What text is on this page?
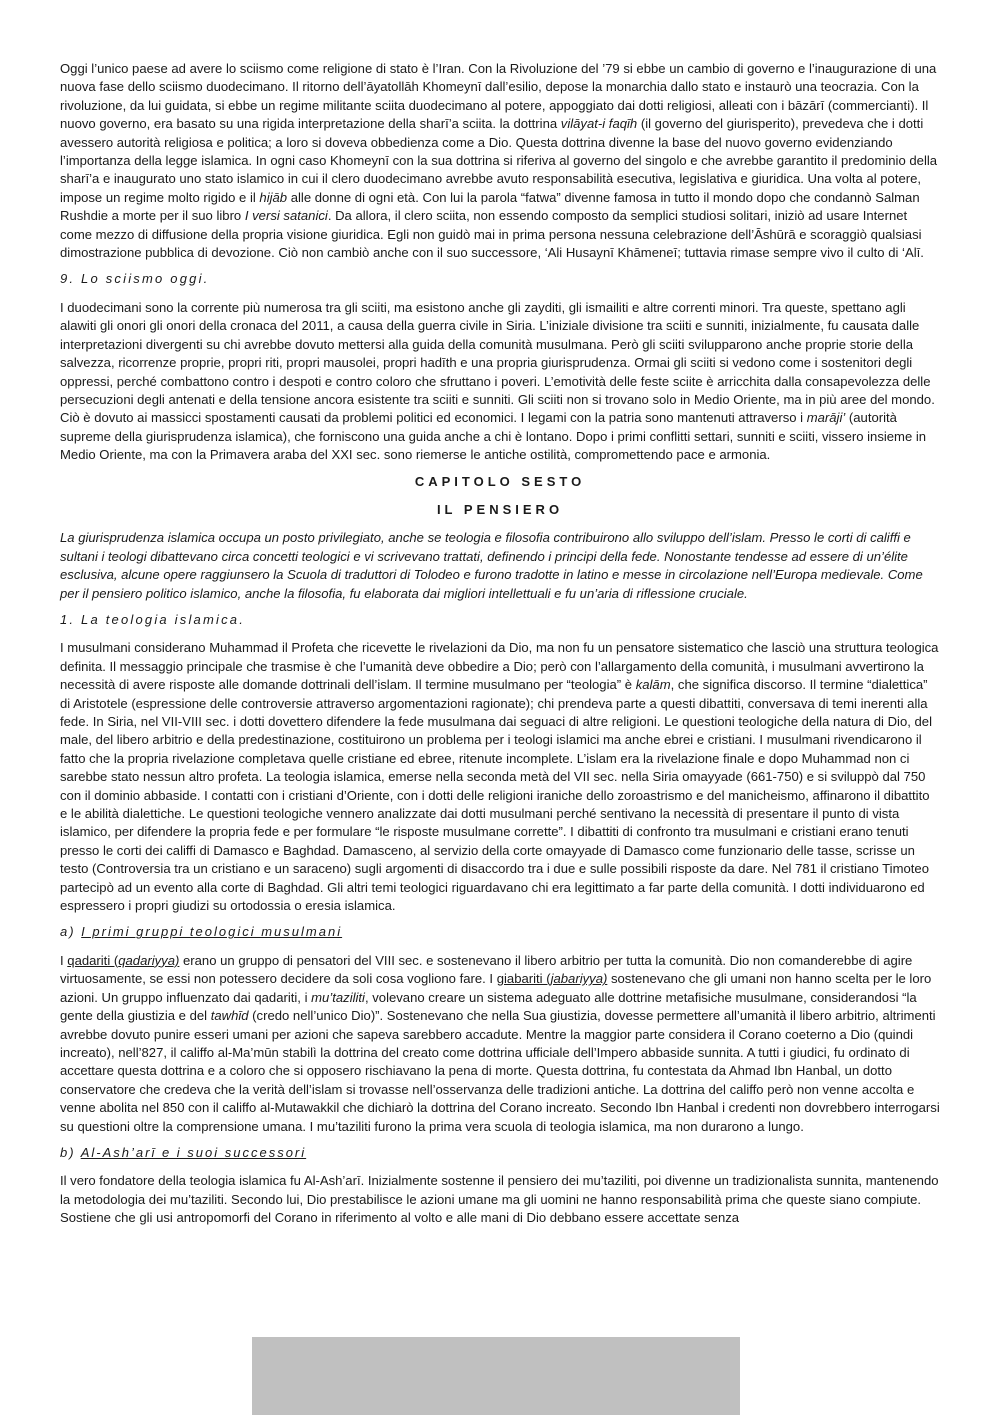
Oggi l’unico paese ad avere lo sciismo come religione di stato è l’Iran. Con la Rivoluzione del ’79 si ebbe un cambio di governo e l’inaugurazione di una nuova fase dello sciismo duodecimano. Il ritorno dell’āyatollāh Khomeynī dall’esilio, depose la monarchia dallo stato e instaurò una teocrazia. Con la rivoluzione, da lui guidata, si ebbe un regime militante sciita duodecimano al potere, appoggiato dai dotti religiosi, alleati con i bāzārī (commercianti). Il nuovo governo, era basato su una rigida interpretazione della sharī’a sciita. la dottrina vilāyat-i faqīh (il governo del giurisperito), prevedeva che i dotti avessero autorità religiosa e politica; a loro si doveva obbedienza come a Dio. Questa dottrina divenne la base del nuovo governo evidenziando l’importanza della legge islamica. In ogni caso Khomeynī con la sua dottrina si riferiva al governo del singolo e che avrebbe garantito il predominio della sharī’a e inaugurato uno stato islamico in cui il clero duodecimano avrebbe avuto responsabilità esecutiva, legislativa e giuridica. Una volta al potere, impose un regime molto rigido e il hijāb alle donne di ogni età. Con lui la parola “fatwa” divenne famosa in tutto il mondo dopo che condannò Salman Rushdie a morte per il suo libro I versi satanici. Da allora, il clero sciita, non essendo composto da semplici studiosi solitari, iniziò ad usare Internet come mezzo di diffusione della propria visione giuridica. Egli non guidò mai in prima persona nessuna celebrazione dell’Āshūrā e scoraggiò qualsiasi dimostrazione pubblica di devozione. Ciò non cambiò anche con il suo successore, ‘Ali Husaynī Khāmeneī; tuttavia rimase sempre vivo il culto di ‘Alī.

9. Lo sciismo oggi.

I duodecimani sono la corrente più numerosa tra gli sciiti, ma esistono anche gli zayditi, gli ismailiti e altre correnti minori. Tra queste, spettano agli alawiti gli onori gli onori della cronaca del 2011, a causa della guerra civile in Siria. L’iniziale divisione tra sciiti e sunniti, inizialmente, fu causata dalle interpretazioni divergenti su chi avrebbe dovuto mettersi alla guida della comunità musulmana. Però gli sciiti svilupparono anche proprie storie della salvezza, ricorrenze proprie, propri riti, propri mausolei, propri hadīth e una propria giurisprudenza. Ormai gli sciiti si vedono come i sostenitori degli oppressi, perché combattono contro i despoti e contro coloro che sfruttano i poveri. L’emotività delle feste sciite è arricchita dalla consapevolezza delle persecuzioni degli antenati e della tensione ancora esistente tra sciiti e sunniti. Gli sciiti non si trovano solo in Medio Oriente, ma in più aree del mondo. Ciò è dovuto ai massicci spostamenti causati da problemi politici ed economici. I legami con la patria sono mantenuti attraverso i marāji’ (autorità supreme della giurisprudenza islamica), che forniscono una guida anche a chi è lontano. Dopo i primi conflitti settari, sunniti e sciiti, vissero insieme in Medio Oriente, ma con la Primavera araba del XXI sec. sono riemerse le antiche ostilità, compromettendo pace e armonia.

CAPITOLO SESTO
IL PENSIERO

La giurisprudenza islamica occupa un posto privilegiato, anche se teologia e filosofia contribuirono allo sviluppo dell’islam. Presso le corti di califfi e sultani i teologi dibattevano circa concetti teologici e vi scrivevano trattati, definendo i principi della fede. Nonostante tendesse ad essere di un’élite esclusiva, alcune opere raggiunsero la Scuola di traduttori di Tolodeo e furono tradotte in latino e messe in circolazione nell’Europa medievale. Come per il pensiero politico islamico, anche la filosofia, fu elaborata dai migliori intellettuali e fu un’aria di riflessione cruciale.

1. La teologia islamica.

I musulmani considerano Muhammad il Profeta che ricevette le rivelazioni da Dio, ma non fu un pensatore sistematico che lasciò una struttura teologica definita. Il messaggio principale che trasmise è che l’umanità deve obbedire a Dio; però con l’allargamento della comunità, i musulmani avvertirono la necessità di avere risposte alle domande dottrinali dell’islam. Il termine musulmano per “teologia” è kalām, che significa discorso. Il termine “dialettica” di Aristotele (espressione delle controversie attraverso argomentazioni ragionate); chi prendeva parte a questi dibattiti, conversava di temi inerenti alla fede. In Siria, nel VII-VIII sec. i dotti dovettero difendere la fede musulmana dai seguaci di altre religioni. Le questioni teologiche della natura di Dio, del male, del libero arbitrio e della predestinazione, costituirono un problema per i teologi islamici ma anche ebrei e cristiani. I musulmani rivendicarono il fatto che la propria rivelazione completava quelle cristiane ed ebree, ritenute incomplete. L’islam era la rivelazione finale e dopo Muhammad non ci sarebbe stato nessun altro profeta. La teologia islamica, emerse nella seconda metà del VII sec. nella Siria omayyade (661-750) e si sviluppò dal 750 con il dominio abbaside. I contatti con i cristiani d’Oriente, con i dotti delle religioni iraniche dello zoroastrismo e del manicheismo, affinarono il dibattito e le abilità dialettiche. Le questioni teologiche vennero analizzate dai dotti musulmani perché sentivano la necessità di presentare il punto di vista islamico, per difendere la propria fede e per formulare “le risposte musulmane corrette”. I dibattiti di confronto tra musulmani e cristiani erano tenuti presso le corti dei califfi di Damasco e Baghdad. Damasceno, al servizio della corte omayyade di Damasco come funzionario delle tasse, scrisse un testo (Controversia tra un cristiano e un saraceno) sugli argomenti di disaccordo tra i due e sulle possibili risposte da dare. Nel 781 il cristiano Timoteo partecipò ad un evento alla corte di Baghdad. Gli altri temi teologici riguardavano chi era legittimato a far parte della comunità. I dotti individuarono ed espressero i propri giudizi su ortodossia o eresia islamica.

a) I primi gruppi teologici musulmani

I qadariti (qadariyya) erano un gruppo di pensatori del VIII sec. e sostenevano il libero arbitrio per tutta la comunità. Dio non comanderebbe di agire virtuosamente, se essi non potessero decidere da soli cosa vogliono fare. I giabariti (jabariyya) sostenevano che gli umani non hanno scelta per le loro azioni. Un gruppo influenzato dai qadariti, i mu’taziliti, volevano creare un sistema adeguato alle dottrine metafisiche musulmane, considerandosi “la gente della giustizia e del tawhīd (credo nell’unico Dio)”. Sostenevano che nella Sua giustizia, dovesse permettere all’umanità il libero arbitrio, altrimenti avrebbe dovuto punire esseri umani per azioni che sapeva sarebbero accadute. Mentre la maggior parte considera il Corano coeterno a Dio (quindi increato), nell’827, il califfo al-Ma’mūn stabilì la dottrina del creato come dottrina ufficiale dell’Impero abbaside sunnita. A tutti i giudici, fu ordinato di accettare questa dottrina e a coloro che si opposero rischiavano la pena di morte. Questa dottrina, fu contestata da Ahmad Ibn Hanbal, un dotto conservatore che credeva che la verità dell’islam si trovasse nell’osservanza delle tradizioni antiche. La dottrina del califfo però non venne accolta e venne abolita nel 850 con il califfo al-Mutawakkil che dichiarò la dottrina del Corano increato. Secondo Ibn Hanbal i credenti non dovrebbero interrogarsi su questioni oltre la comprensione umana. I mu’taziliti furono la prima vera scuola di teologia islamica, ma non durarono a lungo.

b) Al-Ash’arī e i suoi successori

Il vero fondatore della teologia islamica fu Al-Ash’arī. Inizialmente sostenne il pensiero dei mu’taziliti, poi divenne un tradizionalista sunnita, mantenendo la metodologia dei mu’taziliti. Secondo lui, Dio prestabilisce le azioni umane ma gli uomini ne hanno responsabilità prima che queste siano compiute. Sostiene che gli usi antropomorfi del Corano in riferimento al volto e alle mani di Dio debbano essere accettate senza
